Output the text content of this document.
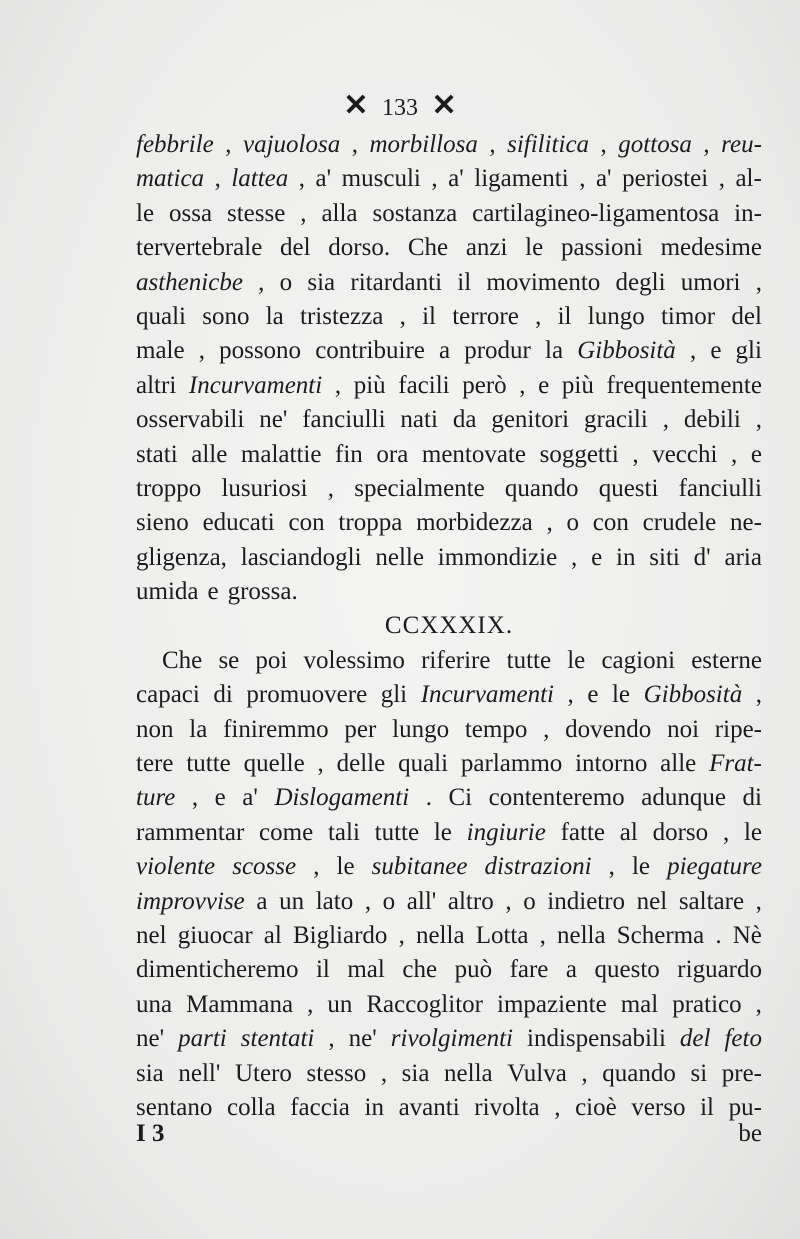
✕ 133 ✕
febbrile , vajuolosa , morbillosa , sifilitica , gottosa , reu-
matica , lattea , a' musculi , a' ligamenti , a' periostei , al-
le ossa stesse , alla sostanza cartilagineo-ligamentosa in-
tervertebrale del dorso. Che anzi le passioni medesime
asthenicbe , o sia ritardanti il movimento degli umori ,
quali sono la tristezza , il terrore , il lungo timor del
male , possono contribuire a produr la Gibbosità , e gli
altri Incurvamenti , più facili però , e più frequentemente
osservabili ne' fanciulli nati da genitori gracili , debili ,
stati alle malattie fin ora mentovate soggetti , vecchi , e
troppo lusuriosi , specialmente quando questi fanciulli
sieno educati con troppa morbidezza , o con crudele ne-
gligenza, lasciandogli nelle immondizie , e in siti d' aria
umida e grossa.
CCXXXIX.
Che se poi volessimo riferire tutte le cagioni esterne
capaci di promuovere gli Incurvamenti , e le Gibbosità ,
non la finiremmo per lungo tempo , dovendo noi ripe-
tere tutte quelle , delle quali parlammo intorno alle Frat-
ture , e a' Dislogamenti . Ci contenteremo adunque di
rammentar come tali tutte le ingiurie fatte al dorso , le
violente scosse , le subitanee distrazioni , le piegature
improvvise a un lato , o all' altro , o indietro nel saltare ,
nel giuocar al Bigliardo , nella Lotta , nella Scherma . Nè
dimenticheremo il mal che può fare a questo riguardo
una Mammana , un Raccoglitor impaziente mal pratico ,
ne' parti stentati , ne' rivolgimenti indispensabili del feto
sia nell' Utero stesso , sia nella Vulva , quando si pre-
sentano colla faccia in avanti rivolta , cioè verso il pu-
I 3	be
